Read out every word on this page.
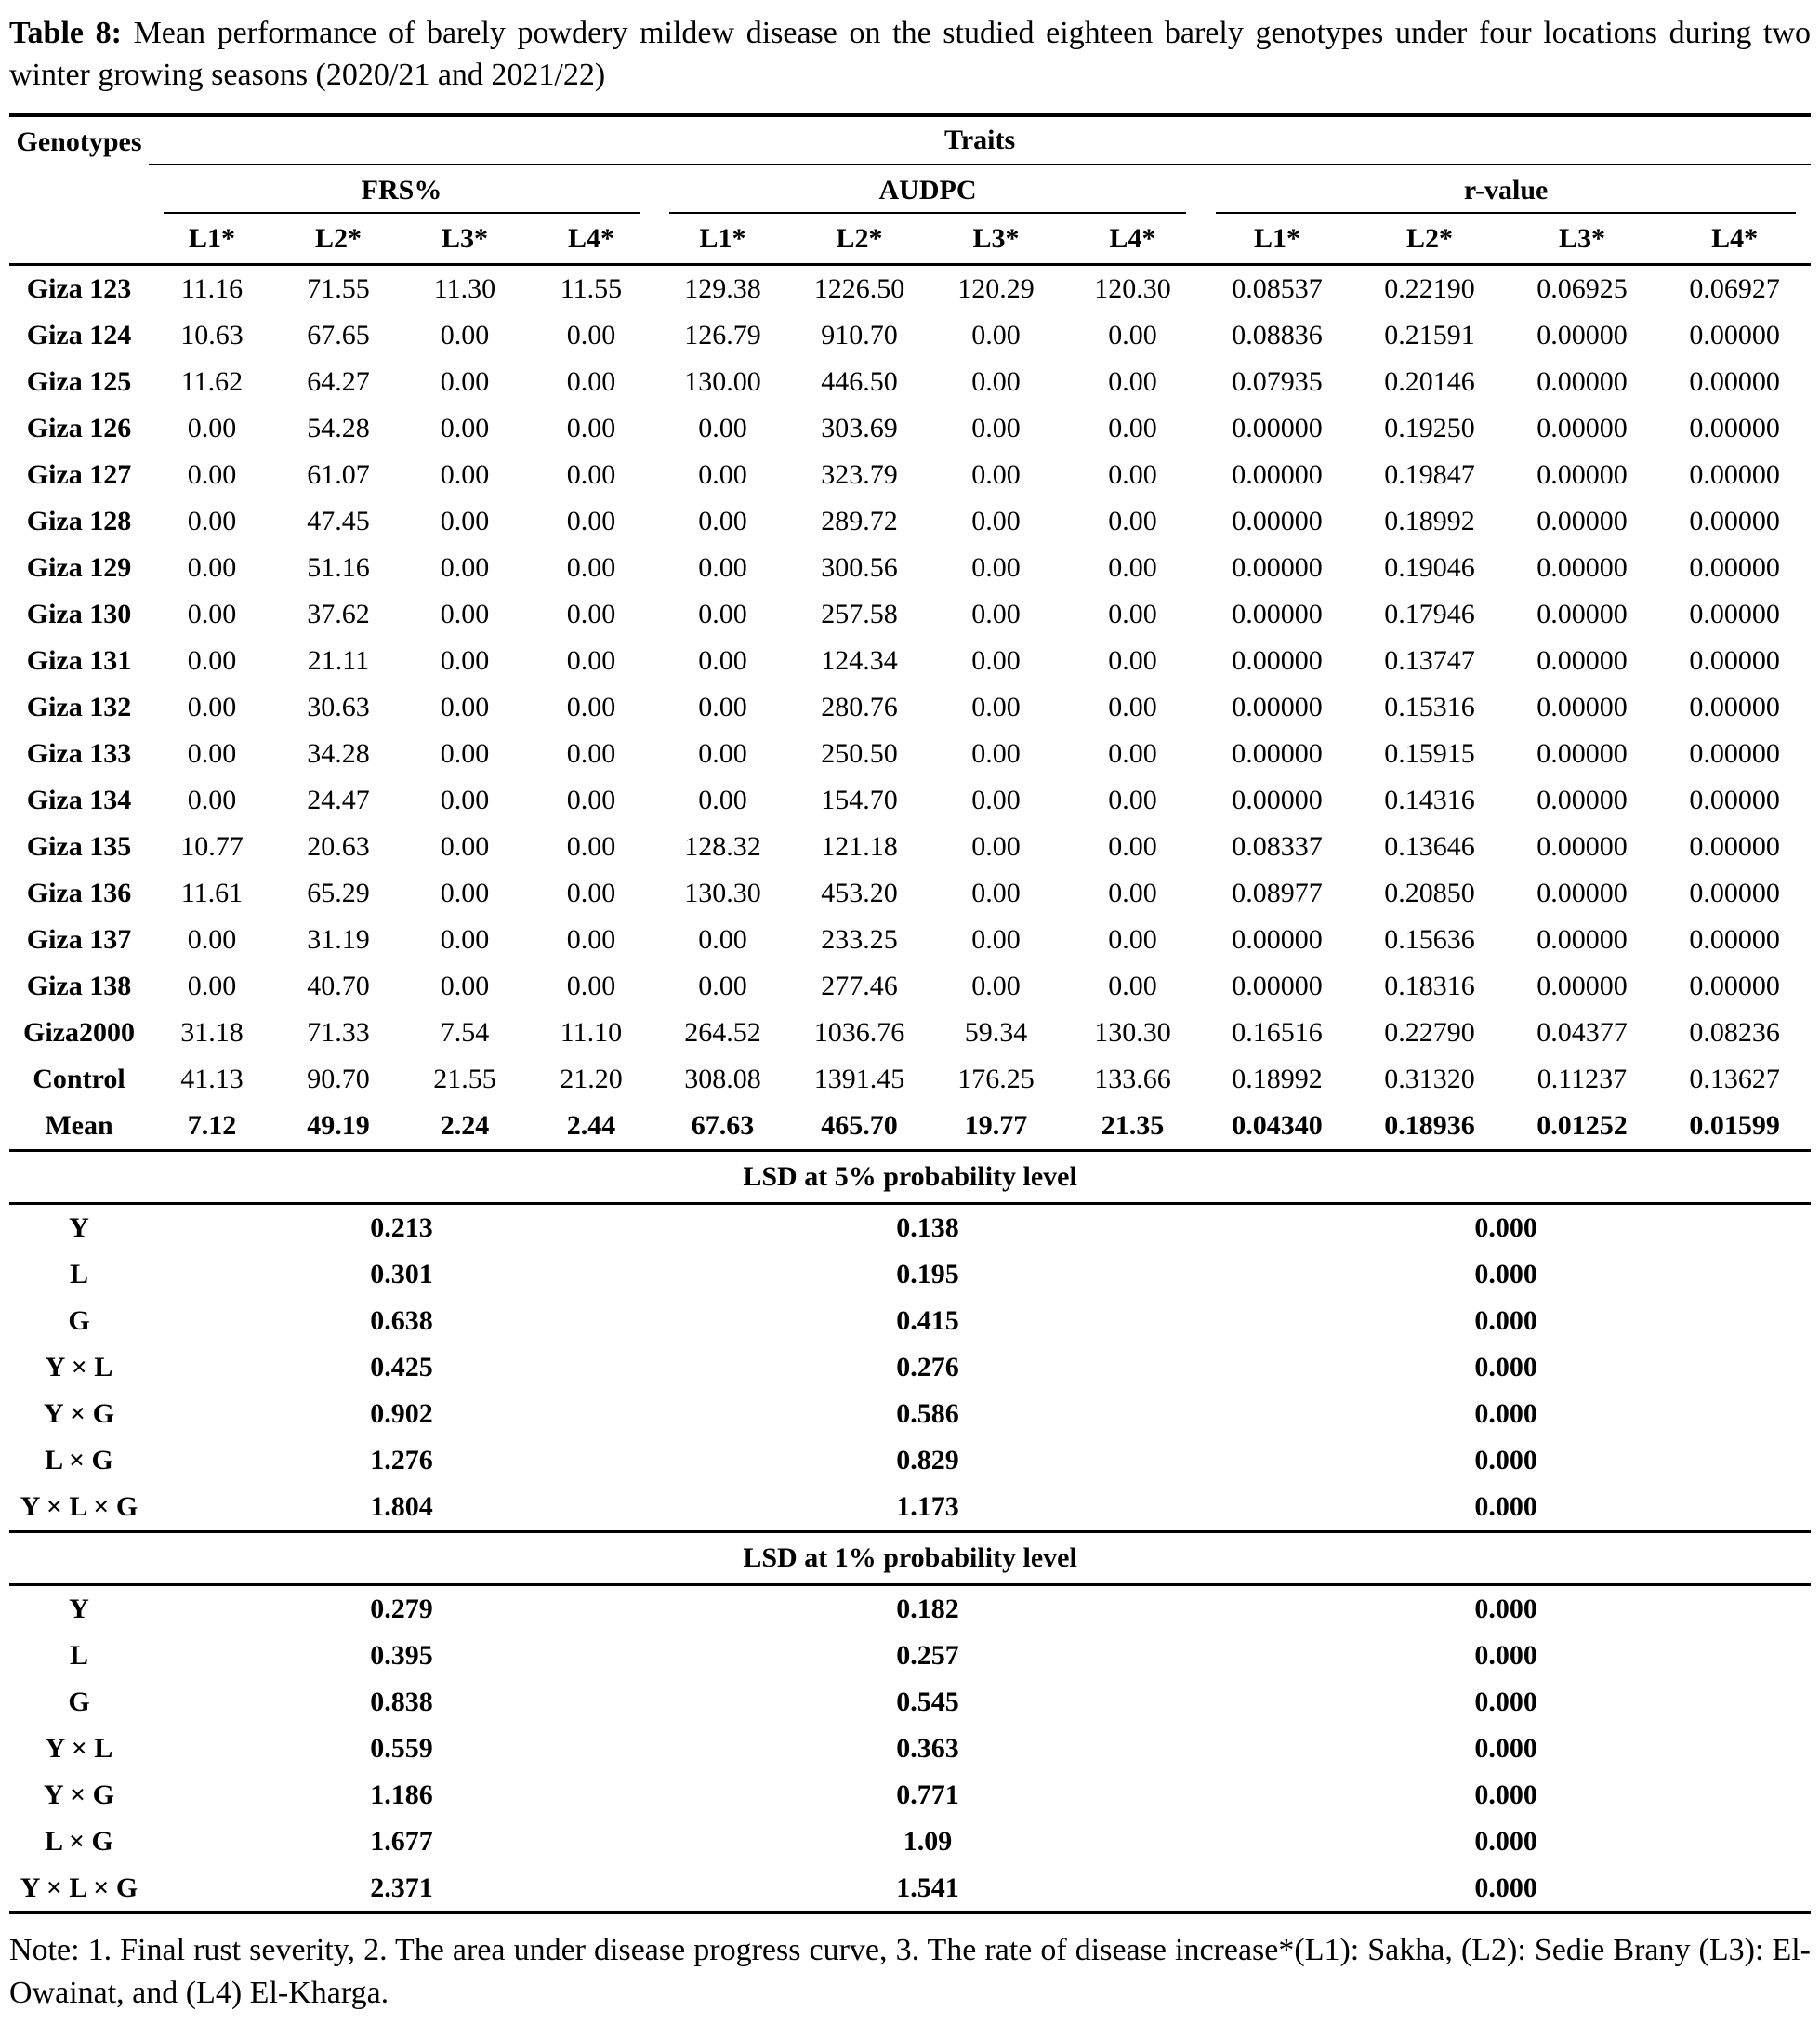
Table 8: Mean performance of barely powdery mildew disease on the studied eighteen barely genotypes under four locations during two winter growing seasons (2020/21 and 2021/22)

Genotypes	Traits											

	FRS%				AUDPC				r-value			

	L1*	L2*	L3*	L4*	L1*	L2*	L3*	L4*	L1*	L2*	L3*	L4*
Giza 123	11.16	71.55	11.30	11.55	129.38	1226.50	120.29	120.30	0.08537	0.22190	0.06925	0.06927
Giza 124	10.63	67.65	0.00	0.00	126.79	910.70	0.00	0.00	0.08836	0.21591	0.00000	0.00000
Giza 125	11.62	64.27	0.00	0.00	130.00	446.50	0.00	0.00	0.07935	0.20146	0.00000	0.00000
Giza 126	0.00	54.28	0.00	0.00	0.00	303.69	0.00	0.00	0.00000	0.19250	0.00000	0.00000
Giza 127	0.00	61.07	0.00	0.00	0.00	323.79	0.00	0.00	0.00000	0.19847	0.00000	0.00000
Giza 128	0.00	47.45	0.00	0.00	0.00	289.72	0.00	0.00	0.00000	0.18992	0.00000	0.00000
Giza 129	0.00	51.16	0.00	0.00	0.00	300.56	0.00	0.00	0.00000	0.19046	0.00000	0.00000
Giza 130	0.00	37.62	0.00	0.00	0.00	257.58	0.00	0.00	0.00000	0.17946	0.00000	0.00000
Giza 131	0.00	21.11	0.00	0.00	0.00	124.34	0.00	0.00	0.00000	0.13747	0.00000	0.00000
Giza 132	0.00	30.63	0.00	0.00	0.00	280.76	0.00	0.00	0.00000	0.15316	0.00000	0.00000
Giza 133	0.00	34.28	0.00	0.00	0.00	250.50	0.00	0.00	0.00000	0.15915	0.00000	0.00000
Giza 134	0.00	24.47	0.00	0.00	0.00	154.70	0.00	0.00	0.00000	0.14316	0.00000	0.00000
Giza 135	10.77	20.63	0.00	0.00	128.32	121.18	0.00	0.00	0.08337	0.13646	0.00000	0.00000
Giza 136	11.61	65.29	0.00	0.00	130.30	453.20	0.00	0.00	0.08977	0.20850	0.00000	0.00000
Giza 137	0.00	31.19	0.00	0.00	0.00	233.25	0.00	0.00	0.00000	0.15636	0.00000	0.00000
Giza 138	0.00	40.70	0.00	0.00	0.00	277.46	0.00	0.00	0.00000	0.18316	0.00000	0.00000
Giza2000	31.18	71.33	7.54	11.10	264.52	1036.76	59.34	130.30	0.16516	0.22790	0.04377	0.08236
Control	41.13	90.70	21.55	21.20	308.08	1391.45	176.25	133.66	0.18992	0.31320	0.11237	0.13627
Mean	7.12	49.19	2.24	2.44	67.63	465.70	19.77	21.35	0.04340	0.18936	0.01252	0.01599
LSD at 5% probability level												
Y	0.213				0.138				0.000			
L	0.301				0.195				0.000			
G	0.638				0.415				0.000			
Y × L	0.425				0.276				0.000			
Y × G	0.902				0.586				0.000			
L × G	1.276				0.829				0.000			
Y × L × G	1.804				1.173				0.000			
LSD at 1% probability level												
Y	0.279				0.182				0.000			
L	0.395				0.257				0.000			
G	0.838				0.545				0.000			
Y × L	0.559				0.363				0.000			
Y × G	1.186				0.771				0.000			
L × G	1.677				1.09				0.000			
Y × L × G	2.371				1.541				0.000			

Note: 1. Final rust severity, 2. The area under disease progress curve, 3. The rate of disease increase*(L1): Sakha, (L2): Sedie Brany (L3): El-Owainat, and (L4) El-Kharga.
